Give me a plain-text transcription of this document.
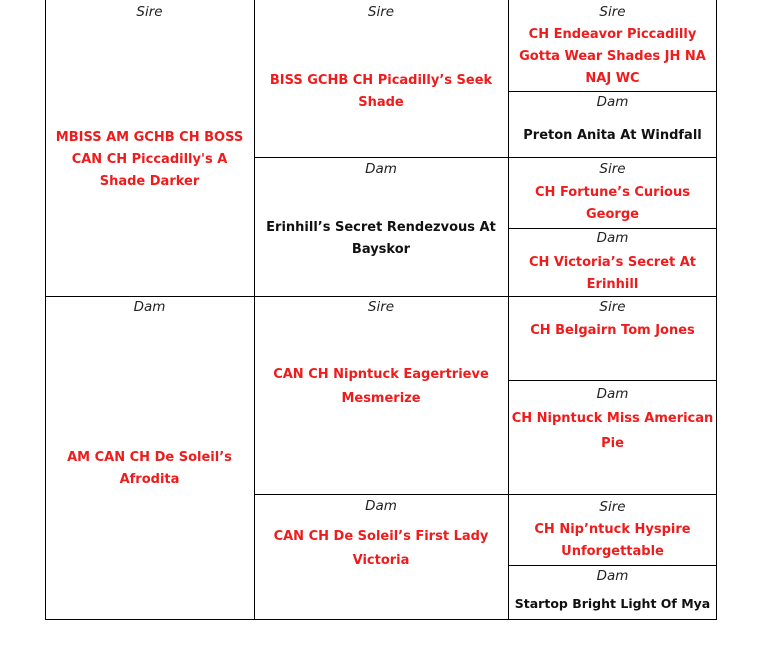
Sire
MBISS AM GCHB CH BOSS CAN CH Piccadilly's A Shade Darker
Dam
AM CAN CH De Soleil’s Afrodita
Sire
BISS GCHB CH Picadilly’s Seek Shade
Dam
Erinhill’s Secret Rendezvous At Bayskor
Sire
CAN CH Nipntuck Eagertrieve Mesmerize
Dam
CAN CH De Soleil’s First Lady Victoria
Sire
CH Endeavor Piccadilly Gotta Wear Shades JH NA NAJ WC
Dam
Preton Anita At Windfall
Sire
CH Fortune’s Curious George
Dam
CH Victoria’s Secret At Erinhill
Sire
CH Belgairn Tom Jones
Dam
CH Nipntuck Miss American Pie
Sire
CH Nip’ntuck Hyspire Unforgettable
Dam
Startop Bright Light Of Mya
